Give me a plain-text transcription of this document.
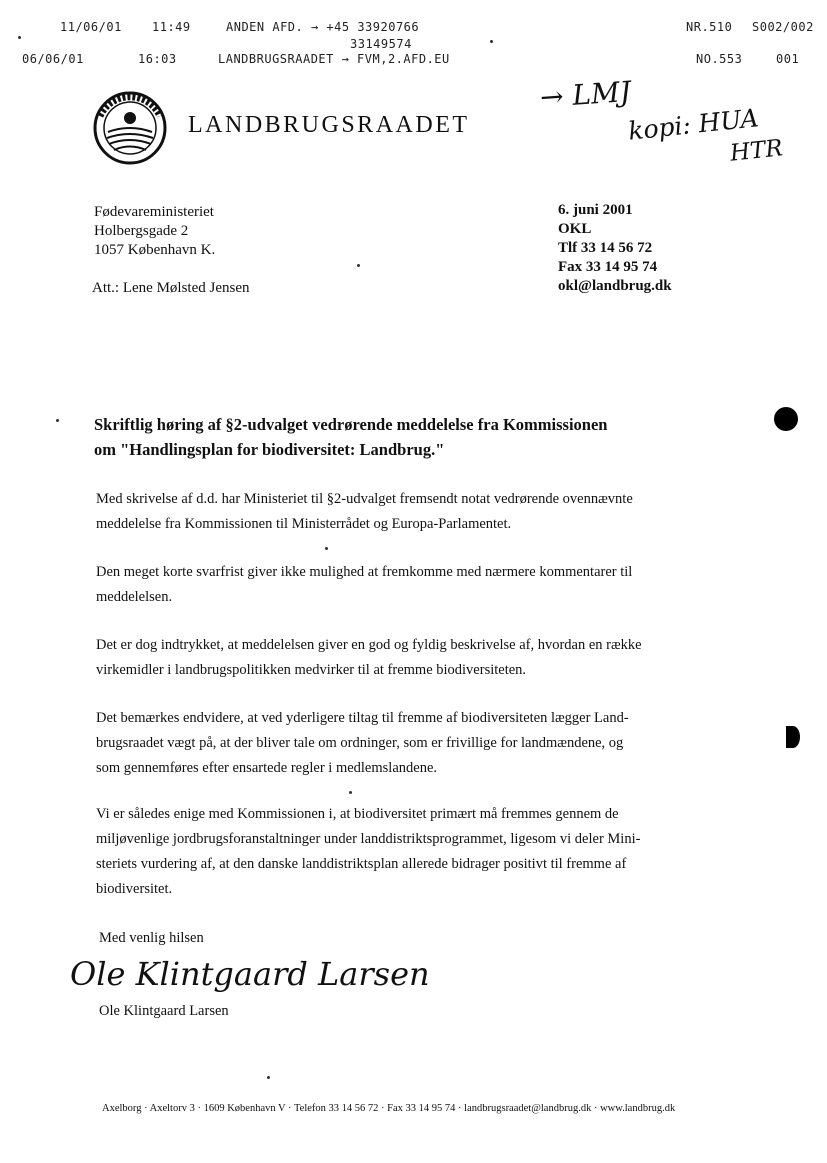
11/06/01	11:49	ANDEN AFD. → +45 33920766	NR.510 S002/002
33149574
06/06/01	16:03	LANDBRUGSRAADET → FVM,2.AFD.EU	NO.553	001
LANDBRUGSRAADET
→ LMJ
kopi: HUA
HTR
Fødevareministeriet
Holbergsgade 2
1057 København K.
Att.: Lene Mølsted Jensen
6. juni 2001
OKL
Tlf 33 14 56 72
Fax 33 14 95 74
okl@landbrug.dk
Skriftlig høring af §2-udvalget vedrørende meddelelse fra Kommissionen
om "Handlingsplan for biodiversitet: Landbrug."
Med skrivelse af d.d. har Ministeriet til §2-udvalget fremsendt notat vedrørende ovennævnte
meddelelse fra Kommissionen til Ministerrådet og Europa-Parlamentet.
Den meget korte svarfrist giver ikke mulighed at fremkomme med nærmere kommentarer til
meddelelsen.
Det er dog indtrykket, at meddelelsen giver en god og fyldig beskrivelse af, hvordan en række
virkemidler i landbrugspolitikken medvirker til at fremme biodiversiteten.
Det bemærkes endvidere, at ved yderligere tiltag til fremme af biodiversiteten lægger Land-
brugsraadet vægt på, at der bliver tale om ordninger, som er frivillige for landmændene, og
som gennemføres efter ensartede regler i medlemslandene.
Vi er således enige med Kommissionen i, at biodiversitet primært må fremmes gennem de
miljøvenlige jordbrugsforanstaltninger under landdistriktsprogrammet, ligesom vi deler Mini-
steriets vurdering af, at den danske landdistriktsplan allerede bidrager positivt til fremme af
biodiversitet.
Med venlig hilsen
Ole Klintgaard Larsen
Ole Klintgaard Larsen
Axelborg · Axeltorv 3 · 1609 København V · Telefon 33 14 56 72 · Fax 33 14 95 74 · landbrugsraadet@landbrug.dk · www.landbrug.dk
